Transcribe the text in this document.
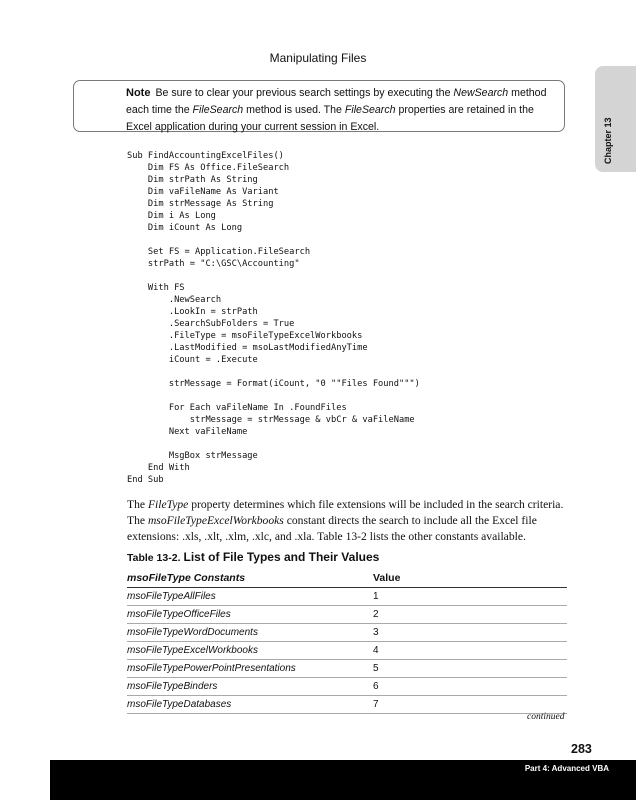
Manipulating Files
Chapter 13
Note Be sure to clear your previous search settings by executing the NewSearch method each time the FileSearch method is used. The FileSearch properties are retained in the Excel application during your current session in Excel.
Sub FindAccountingExcelFiles()
Dim FS As Office.FileSearch
Dim strPath As String
Dim vaFileName As Variant
Dim strMessage As String
Dim i As Long
Dim iCount As Long
Set FS = Application.FileSearch
strPath = "C:\GSC\Accounting"
With FS
.NewSearch
.LookIn = strPath
.SearchSubFolders = True
.FileType = msoFileTypeExcelWorkbooks
.LastModified = msoLastModifiedAnyTime
iCount = .Execute
strMessage = Format(iCount, "0 ""Files Found""")
For Each vaFileName In .FoundFiles
strMessage = strMessage & vbCr & vaFileName
Next vaFileName
MsgBox strMessage
End With
End Sub

The FileType property determines which file extensions will be included in the search criteria. The msoFileTypeExcelWorkbooks constant directs the search to include all the Excel file extensions: .xls, .xlt, .xlm, .xlc, and .xla. Table 13-2 lists the other constants available.

Table 13-2. List of File Types and Their Values
msoFileType Constants	Value
msoFileTypeAllFiles	1
msoFileTypeOfficeFiles	2
msoFileTypeWordDocuments	3
msoFileTypeExcelWorkbooks	4
msoFileTypePowerPointPresentations	5
msoFileTypeBinders	6
msoFileTypeDatabases	7
continued
283
Part 4: Advanced VBA
